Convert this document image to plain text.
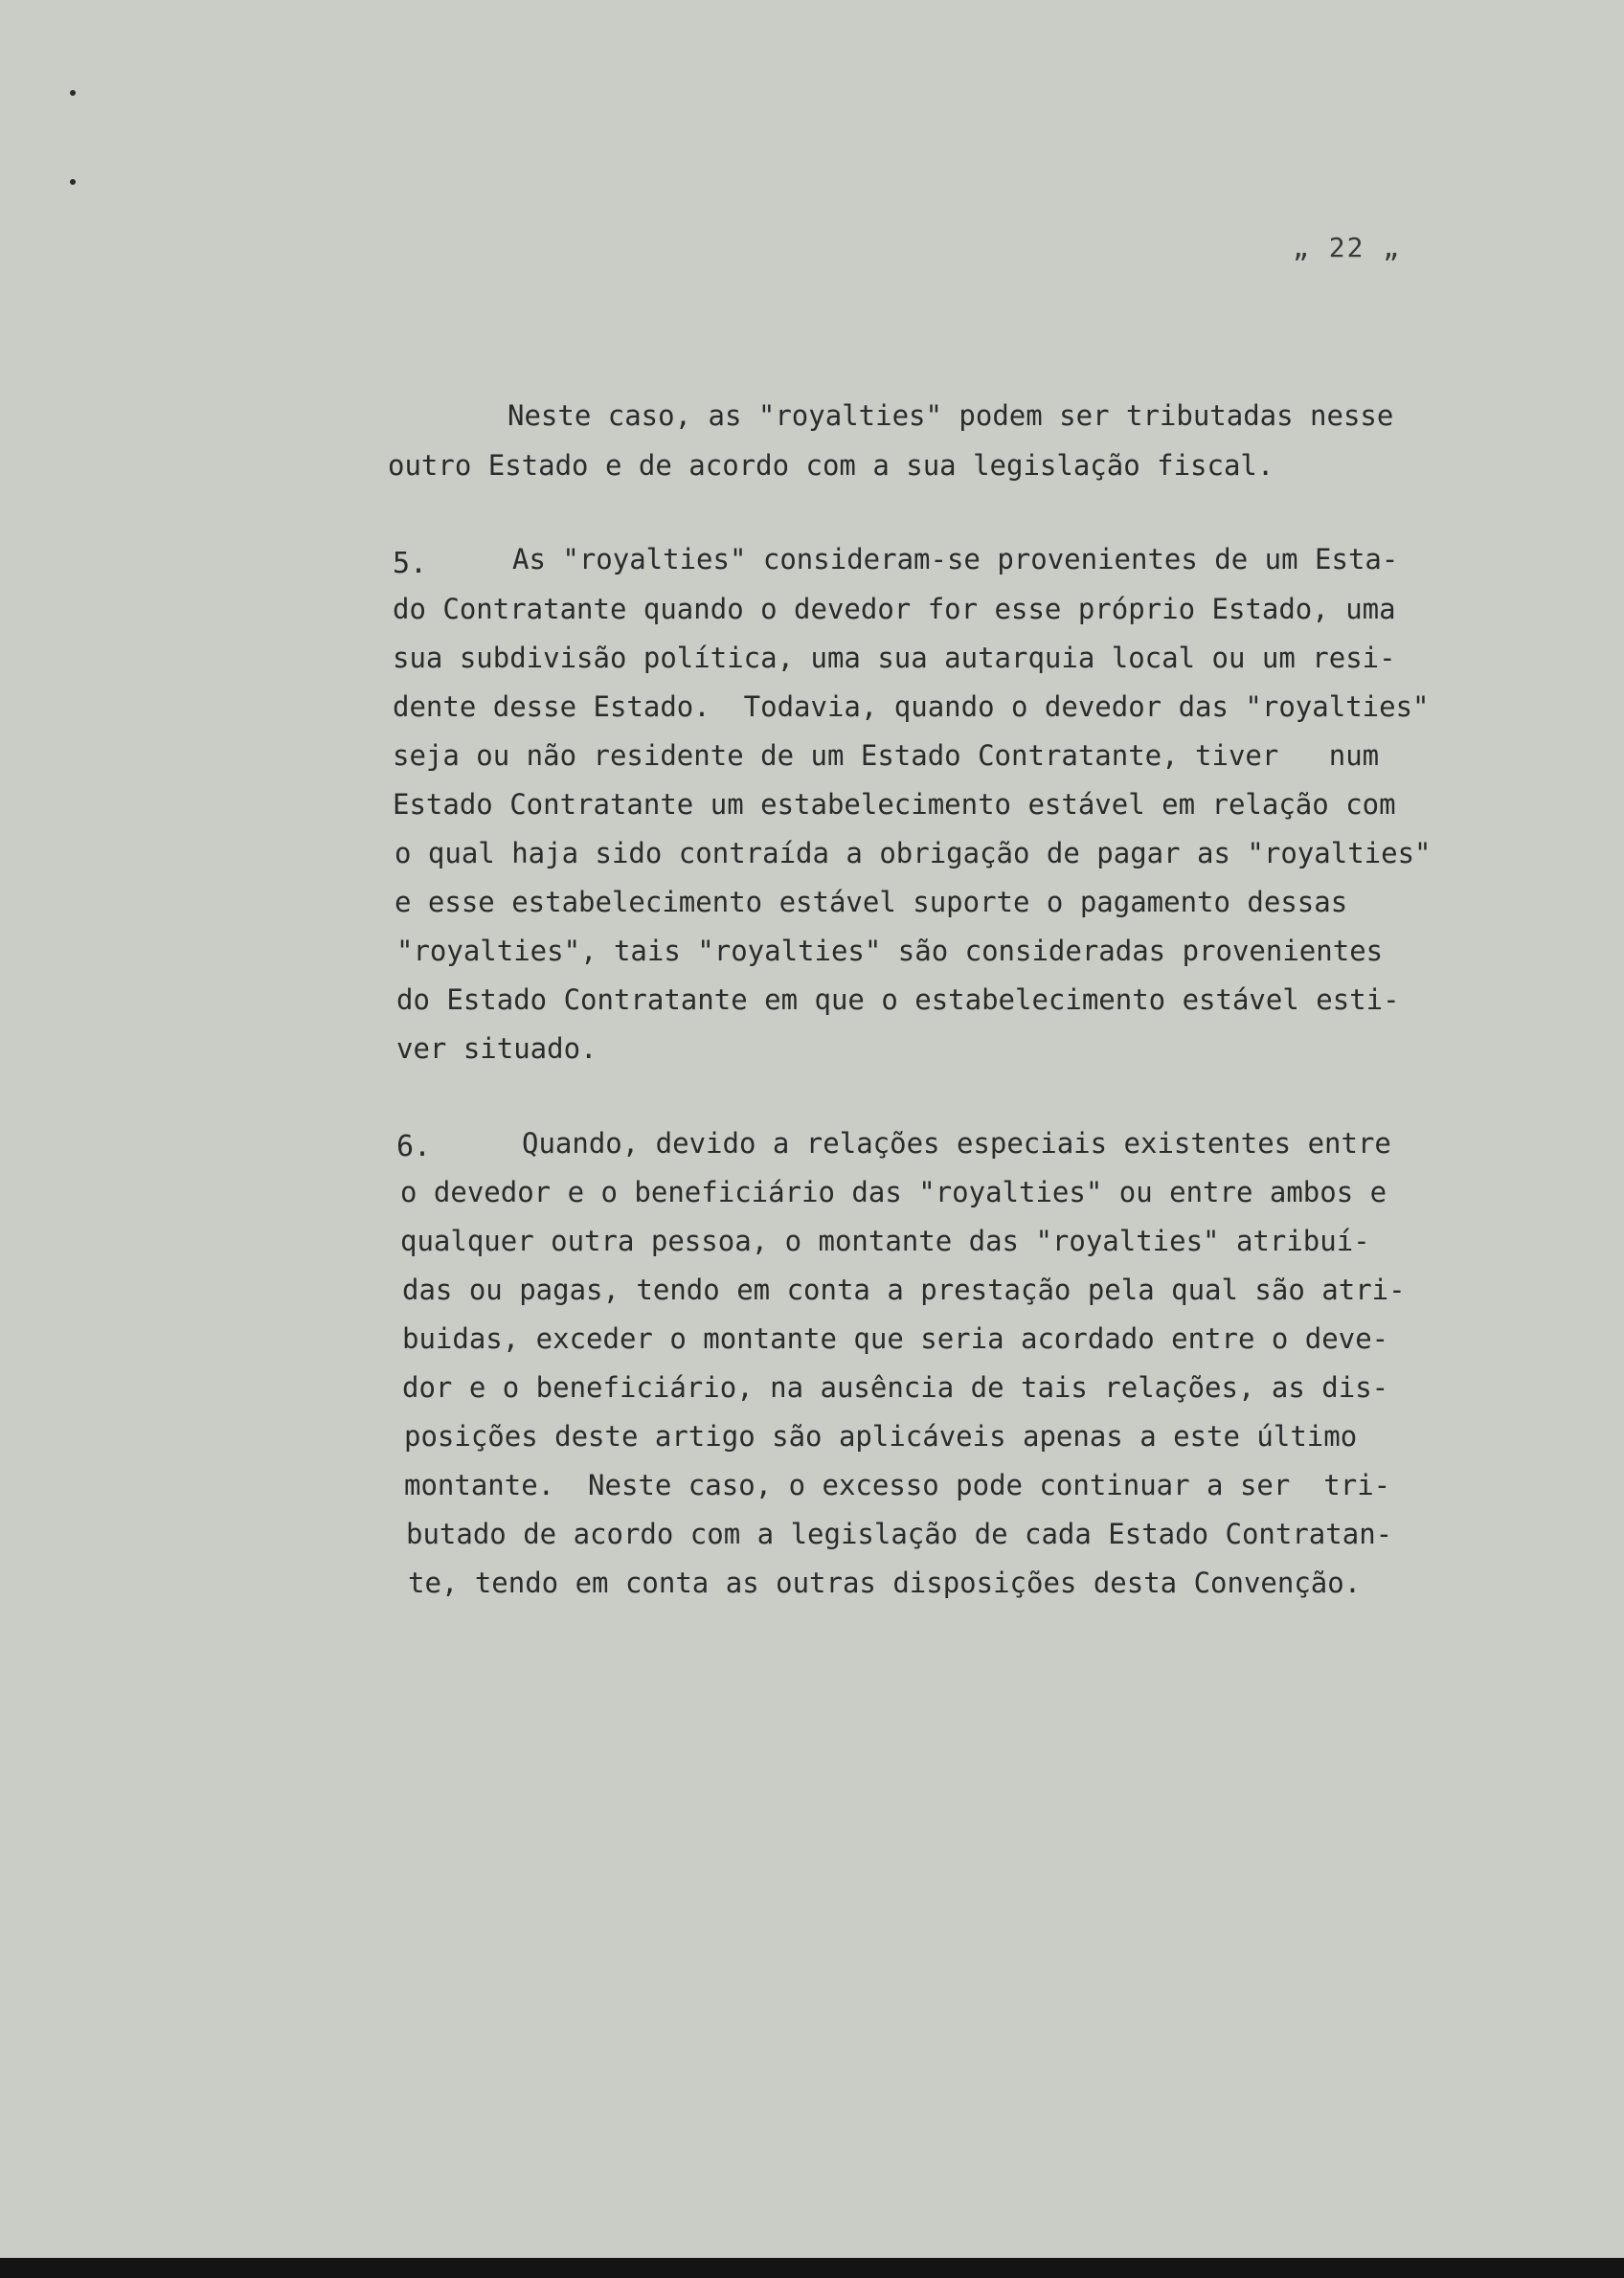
„ 22 „
Neste caso, as "royalties" podem ser tributadas nesse
outro Estado e de acordo com a sua legislação fiscal.
5.	As "royalties" consideram-se provenientes de um Esta-
do Contratante quando o devedor for esse próprio Estado, uma
sua subdivisão política, uma sua autarquia local ou um resi-
dente desse Estado.  Todavia, quando o devedor das "royalties"
seja ou não residente de um Estado Contratante, tiver   num
Estado Contratante um estabelecimento estável em relação com
o qual haja sido contraída a obrigação de pagar as "royalties"
e esse estabelecimento estável suporte o pagamento dessas
"royalties", tais "royalties" são consideradas provenientes
do Estado Contratante em que o estabelecimento estável esti-
ver situado.
6.	Quando, devido a relações especiais existentes entre
o devedor e o beneficiário das "royalties" ou entre ambos e
qualquer outra pessoa, o montante das "royalties" atribuí-
das ou pagas, tendo em conta a prestação pela qual são atri-
buidas, exceder o montante que seria acordado entre o deve-
dor e o beneficiário, na ausência de tais relações, as dis-
posições deste artigo são aplicáveis apenas a este último
montante.  Neste caso, o excesso pode continuar a ser  tri-
butado de acordo com a legislação de cada Estado Contratan-
te, tendo em conta as outras disposições desta Convenção.
